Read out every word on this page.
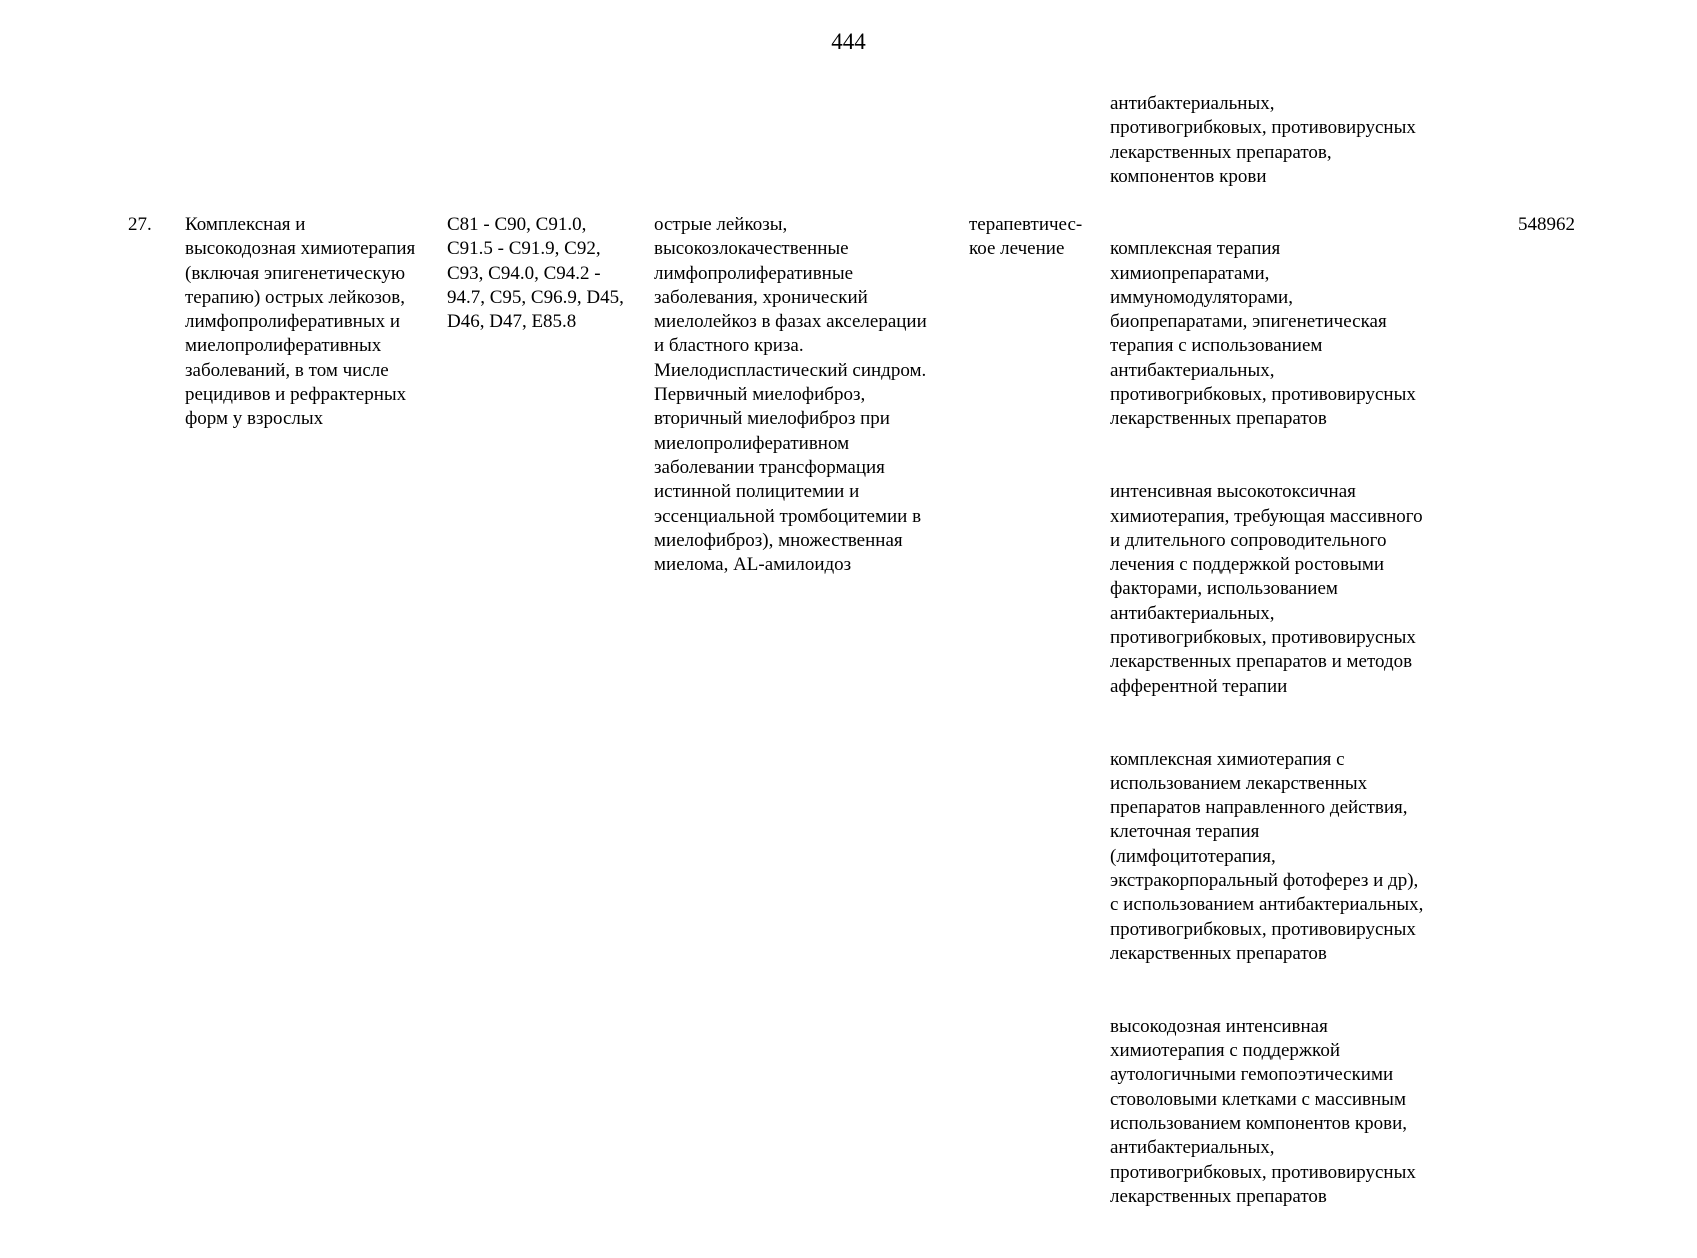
444
антибактериальных,
противогрибковых, противовирусных
лекарственных препаратов,
компонентов крови
27.	Комплексная и
высокодозная химиотерапия
(включая эпигенетическую
терапию) острых лейкозов,
лимфопролиферативных и
миелопролиферативных
заболеваний, в том числе
рецидивов и рефрактерных
форм у взрослых
C81 - C90, C91.0,
C91.5 - C91.9, C92,
C93, C94.0, C94.2 -
94.7, C95, C96.9, D45,
D46, D47, E85.8
острые лейкозы,
высокозлокачественные
лимфопролиферативные
заболевания, хронический
миелолейкоз в фазах акселерации
и бластного криза.
Миелодиспластический синдром.
Первичный миелофиброз,
вторичный миелофиброз при
миелопролиферативном
заболевании трансформация
истинной полицитемии и
эссенциальной тромбоцитемии в
миелофиброз), множественная
миелома, AL-амилоидоз
терапевтичес-
кое лечение	комплексная терапия
химиопрепаратами,
иммуномодуляторами,
биопрепаратами, эпигенетическая
терапия с использованием
антибактериальных,
противогрибковых, противовирусных
лекарственных препаратов

интенсивная высокотоксичная
химиотерапия, требующая массивного
и длительного сопроводительного
лечения с поддержкой ростовыми
факторами, использованием
антибактериальных,
противогрибковых, противовирусных
лекарственных препаратов и методов
афферентной терапии

комплексная химиотерапия с
использованием лекарственных
препаратов направленного действия,
клеточная терапия
(лимфоцитотерапия,
экстракорпоральный фотоферез и др),
с использованием антибактериальных,
противогрибковых, противовирусных
лекарственных препаратов

высокодозная интенсивная
химиотерапия с поддержкой
аутологичными гемопоэтическими
стоволовыми клетками с массивным
использованием компонентов крови,
антибактериальных,
противогрибковых, противовирусных
лекарственных препаратов

548962
